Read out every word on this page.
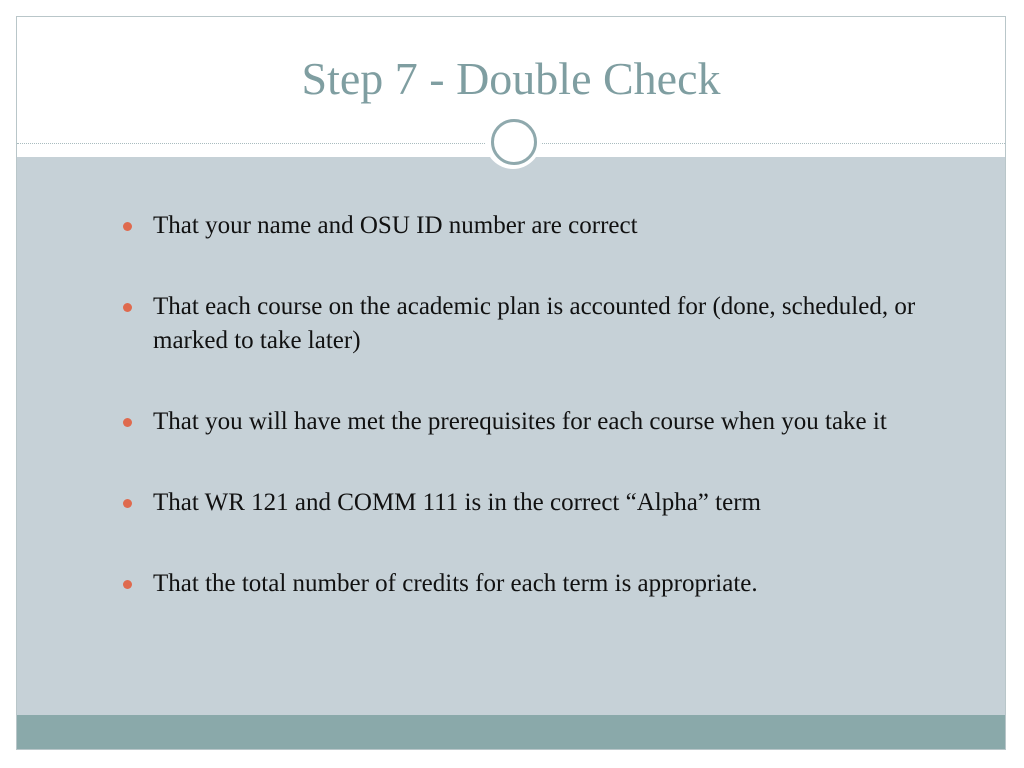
Step 7 - Double Check
That your name and OSU ID number are correct
That each course on the academic plan is accounted for (done, scheduled, or marked to take later)
That you will have met the prerequisites for each course when you take it
That WR 121 and COMM 111 is in the correct “Alpha” term
That the total number of credits for each term is appropriate.
